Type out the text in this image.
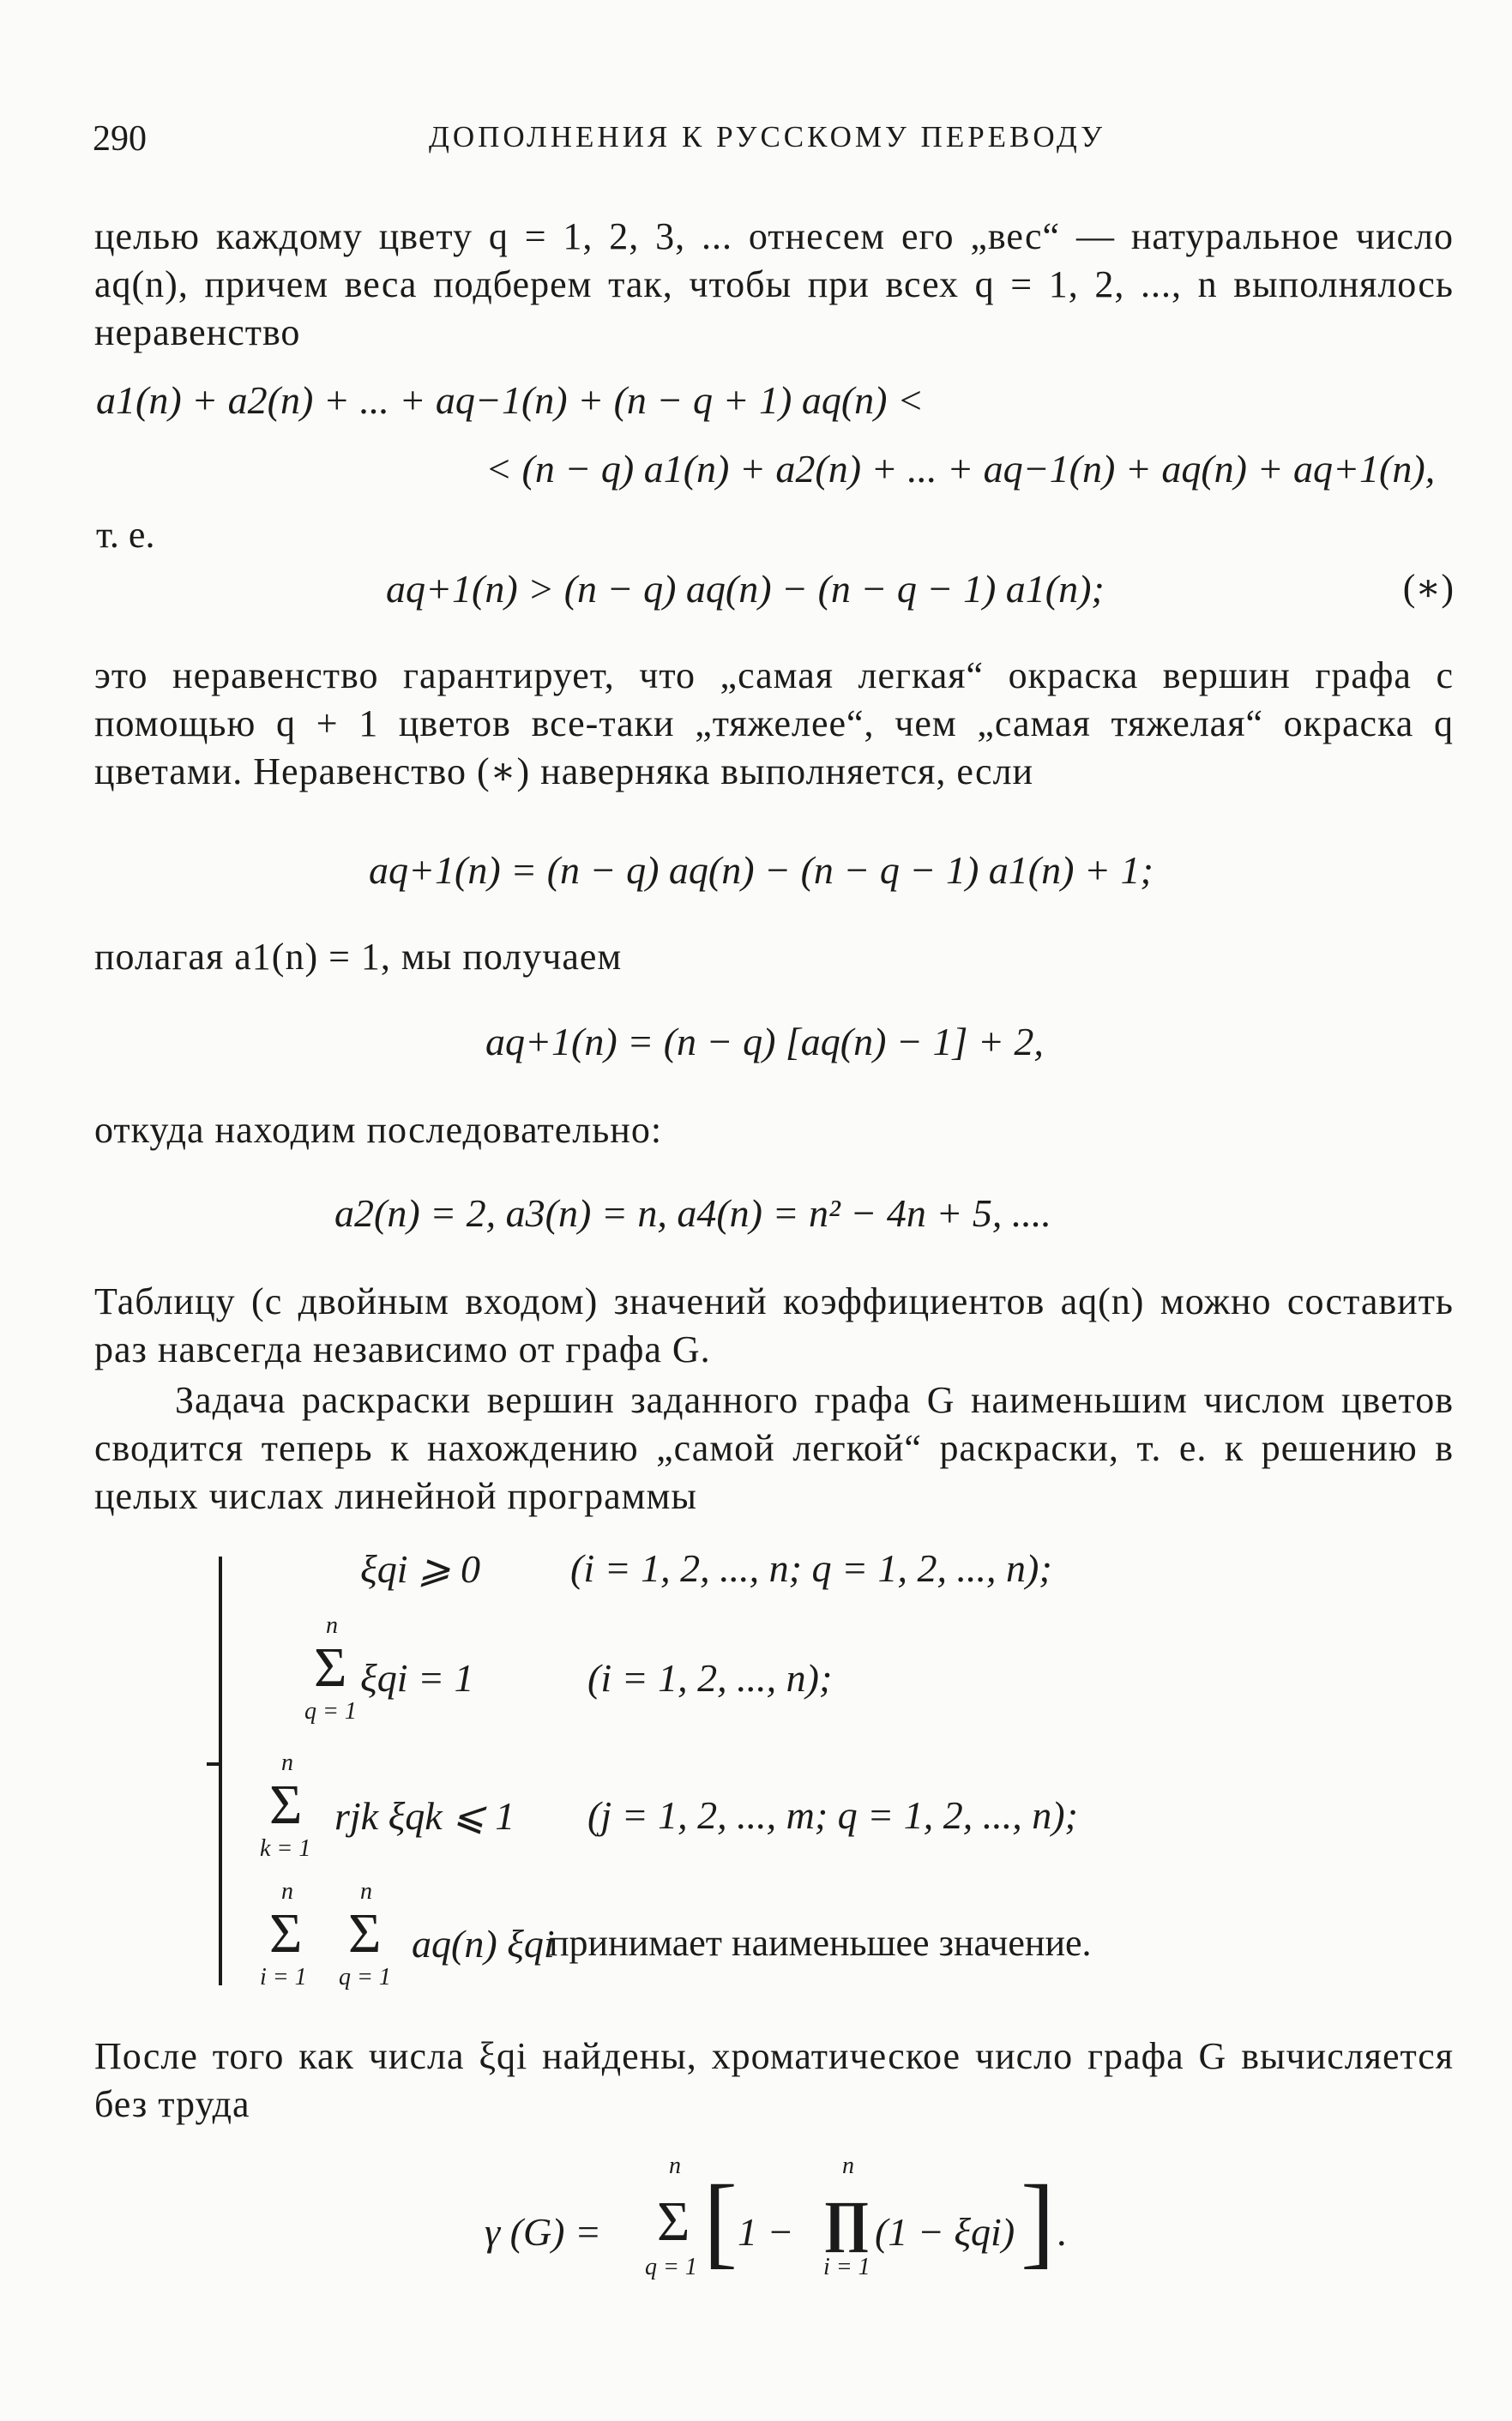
290	ДОПОЛНЕНИЯ К РУССКОМУ ПЕРЕВОДУ
целью каждому цвету q = 1, 2, 3, ... отнесем его „вес“ — натуральное число aq(n), причем веса подберем так, чтобы при всех q = 1, 2, ..., n выполнялось неравенство
a1(n) + a2(n) + ... + aq−1(n) + (n − q + 1) aq(n) <
< (n − q) a1(n) + a2(n) + ... + aq−1(n) + aq(n) + aq+1(n),
т. е.
aq+1(n) > (n − q) aq(n) − (n − q − 1) a1(n);	(∗)
это неравенство гарантирует, что „самая легкая“ окраска вершин графа с помощью q + 1 цветов все-таки „тяжелее“, чем „самая тяжелая“ окраска q цветами. Неравенство (∗) наверняка выполняется, если
aq+1(n) = (n − q) aq(n) − (n − q − 1) a1(n) + 1;
полагая a1(n) = 1, мы получаем
aq+1(n) = (n − q) [aq(n) − 1] + 2,
откуда находим последовательно:
a2(n) = 2, a3(n) = n, a4(n) = n² − 4n + 5, ....
Таблицу (с двойным входом) значений коэффициентов aq(n) можно составить раз навсегда независимо от графа G.
Задача раскраски вершин заданного графа G наименьшим числом цветов сводится теперь к нахождению „самой легкой“ раскраски, т. е. к решению в целых числах линейной программы
ξqi ⩾ 0 (i = 1, 2, ..., n; q = 1, 2, ..., n);
n
Σ
q = 1
ξqi = 1	(i = 1, 2, ..., n);
n
Σ
k = 1
rjk ξqk ⩽ 1 (j = 1, 2, ..., m; q = 1, 2, ..., n);
n
Σ
i = 1
n
Σ
q = 1
aq(n) ξqi
принимает наименьшее значение.
После того как числа ξqi найдены, хроматическое число графа G вычисляется без труда
γ (G) =
n
Σ
q = 1 [ 1 −
n
∏
i = 1
(1 − ξqi) ] .
